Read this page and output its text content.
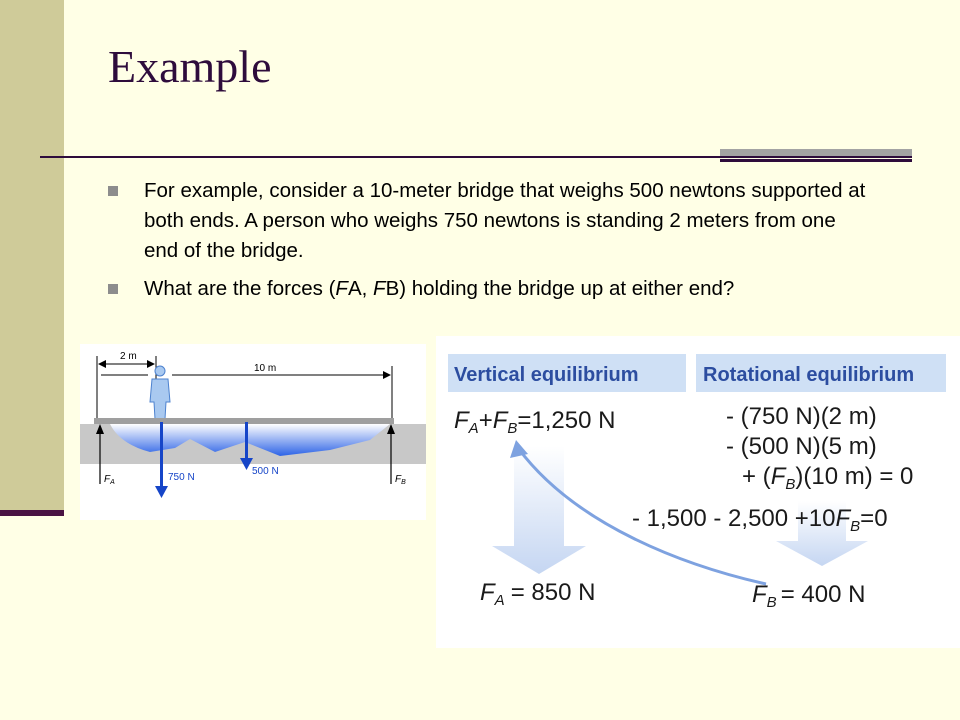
Example
For example, consider a 10-meter bridge that weighs 500 newtons supported at both ends. A person who weighs 750 newtons is standing 2 meters from one end of the bridge.
What are the forces (FA, FB) holding the bridge up at either end?
2 m
10 m
$F_A$	$F_B$
750 N
500 N
Vertical equilibrium	Rotational equilibrium
$F_A+F_B=1,250$ N	- (750 N)(2 m)
- (500 N)(5 m)
+ $(F_B)(10$ m) = 0
- $1,500 - 2,500 +10F_B=0$
$F_A = 850$ N	$F_B = 400$ N
